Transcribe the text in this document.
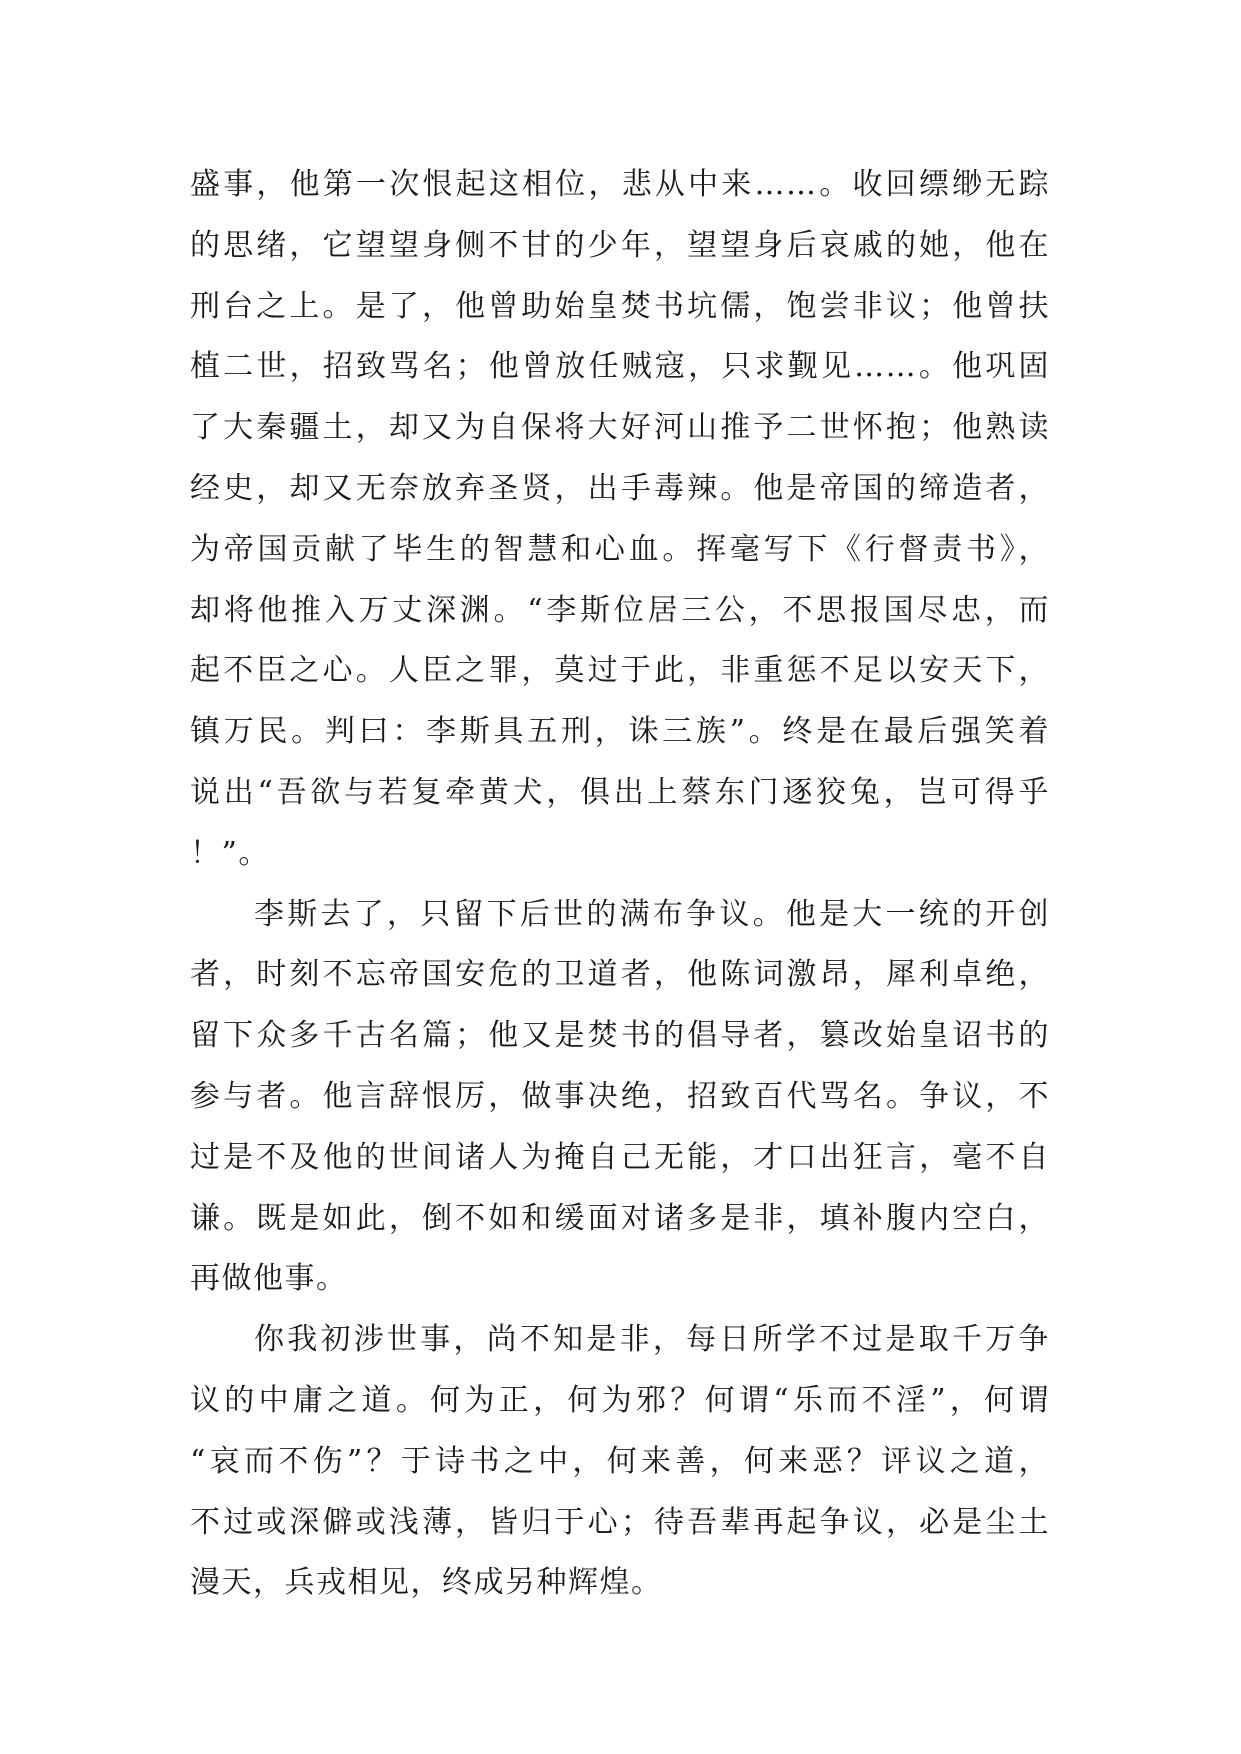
盛事，他第一次恨起这相位，悲从中来……。收回缥缈无踪
的思绪，它望望身侧不甘的少年，望望身后哀戚的她，他在
刑台之上。是了，他曾助始皇焚书坑儒，饱尝非议；他曾扶
植二世，招致骂名；他曾放任贼寇，只求觐见……。他巩固
了大秦疆土，却又为自保将大好河山推予二世怀抱；他熟读
经史，却又无奈放弃圣贤，出手毒辣。他是帝国的缔造者，
为帝国贡献了毕生的智慧和心血。挥毫写下《行督责书》，
却将他推入万丈深渊。“李斯位居三公，不思报国尽忠，而
起不臣之心。人臣之罪，莫过于此，非重惩不足以安天下，
镇万民。判曰：李斯具五刑，诛三族”。终是在最后强笑着
说出“吾欲与若复牵黄犬，俱出上蔡东门逐狡兔，岂可得乎
！”。
李斯去了，只留下后世的满布争议。他是大一统的开创
者，时刻不忘帝国安危的卫道者，他陈词激昂，犀利卓绝，
留下众多千古名篇；他又是焚书的倡导者，篡改始皇诏书的
参与者。他言辞恨厉，做事决绝，招致百代骂名。争议，不
过是不及他的世间诸人为掩自己无能，才口出狂言，毫不自
谦。既是如此，倒不如和缓面对诸多是非，填补腹内空白，
再做他事。
你我初涉世事，尚不知是非，每日所学不过是取千万争
议的中庸之道。何为正，何为邪？何谓“乐而不淫”，何谓
“哀而不伤”？于诗书之中，何来善，何来恶？评议之道，
不过或深僻或浅薄，皆归于心；待吾辈再起争议，必是尘土
漫天，兵戎相见，终成另种辉煌。
